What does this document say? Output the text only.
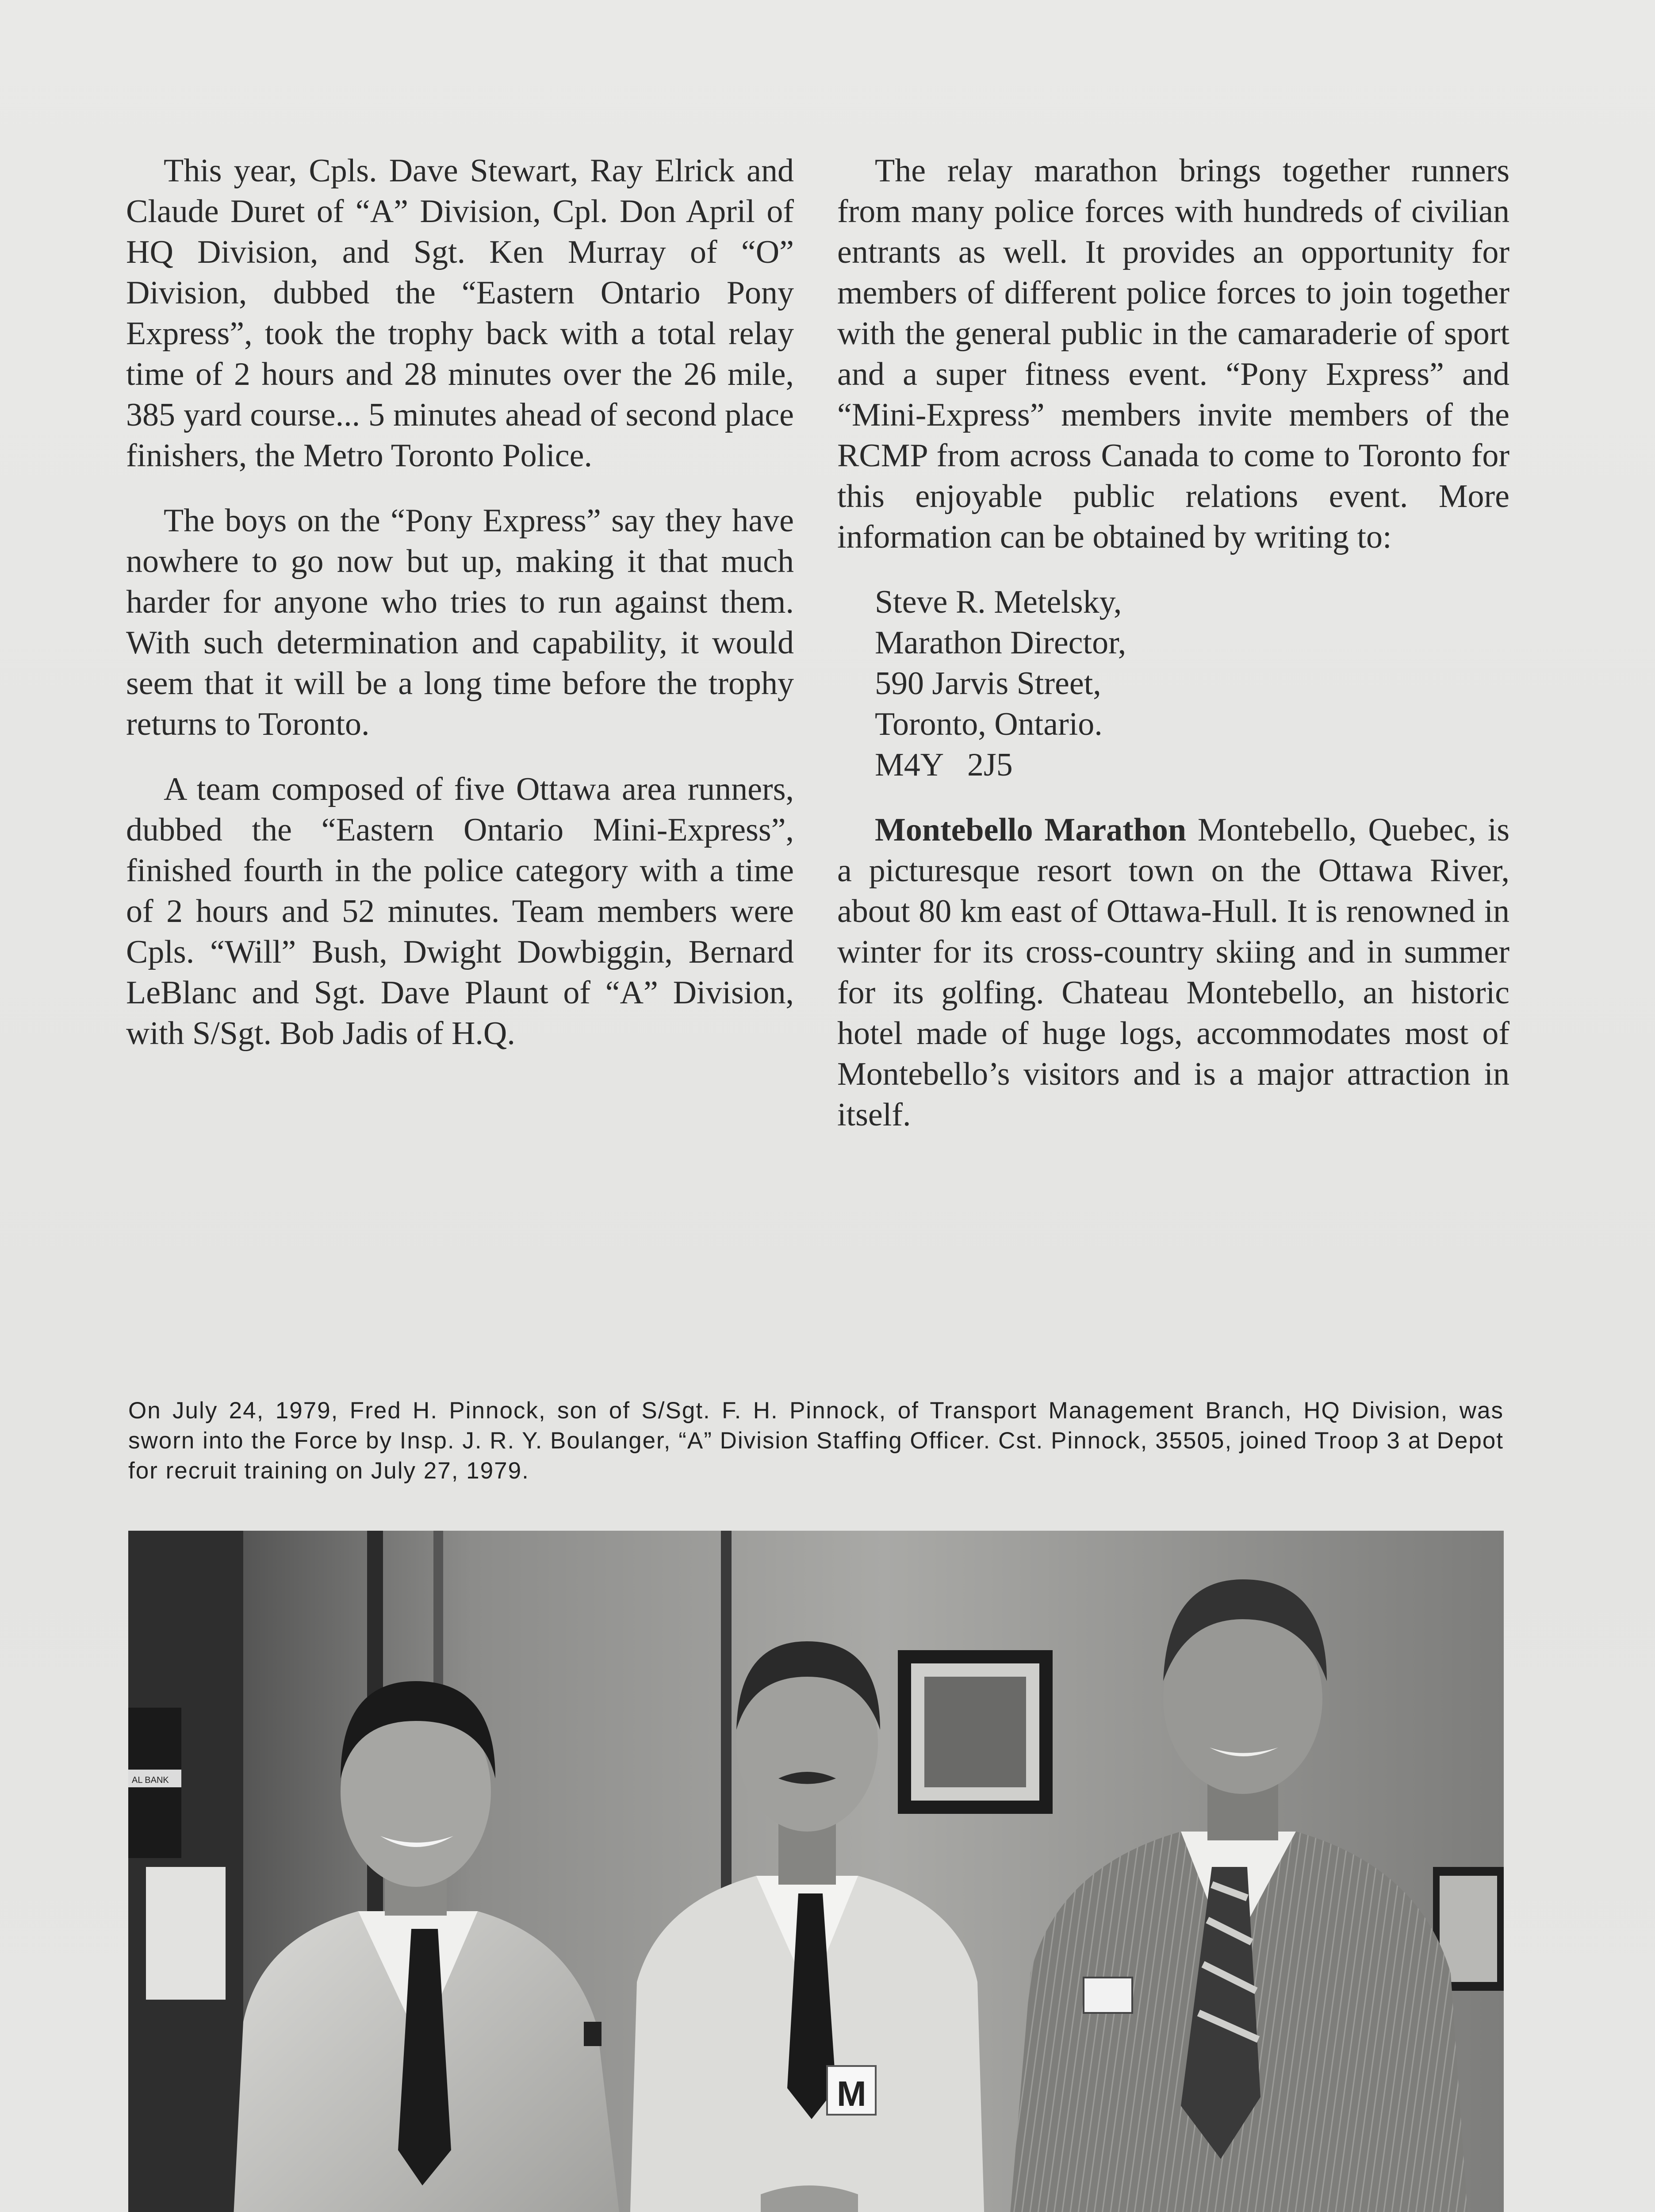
This year, Cpls. Dave Stewart, Ray Elrick and Claude Duret of “A” Division, Cpl. Don April of HQ Division, and Sgt. Ken Murray of “O” Division, dubbed the “Eastern Ontario Pony Express”, took the trophy back with a total relay time of 2 hours and 28 minutes over the 26 mile, 385 yard course... 5 minutes ahead of second place finishers, the Metro Toronto Police.

The boys on the “Pony Express” say they have nowhere to go now but up, making it that much harder for anyone who tries to run against them. With such determination and capability, it would seem that it will be a long time before the trophy returns to Toronto.

A team composed of five Ottawa area runners, dubbed the “Eastern Ontario Mini-Express”, finished fourth in the police category with a time of 2 hours and 52 minutes. Team members were Cpls. “Will” Bush, Dwight Dowbiggin, Bernard LeBlanc and Sgt. Dave Plaunt of “A” Division, with S/Sgt. Bob Jadis of H.Q.

The relay marathon brings together runners from many police forces with hundreds of civilian entrants as well. It provides an opportunity for members of different police forces to join together with the general public in the camaraderie of sport and a super fitness event. “Pony Express” and “Mini-Express” members invite members of the RCMP from across Canada to come to Toronto for this enjoyable public relations event. More information can be obtained by writing to:

Steve R. Metelsky,
Marathon Director,
590 Jarvis Street,
Toronto, Ontario.
M4Y   2J5

Montebello Marathon Montebello, Quebec, is a picturesque resort town on the Ottawa River, about 80 km east of Ottawa-Hull. It is renowned in winter for its cross-country skiing and in summer for its golfing. Chateau Montebello, an historic hotel made of huge logs, accommodates most of Montebello’s visitors and is a major attraction in itself.

On July 24, 1979, Fred H. Pinnock, son of S/Sgt. F. H. Pinnock, of Transport Management Branch, HQ Division, was sworn into the Force by Insp. J. R. Y. Boulanger, “A” Division Staffing Officer. Cst. Pinnock, 35505, joined Troop 3 at Depot for recruit training on July 27, 1979.
AL BANK
M
